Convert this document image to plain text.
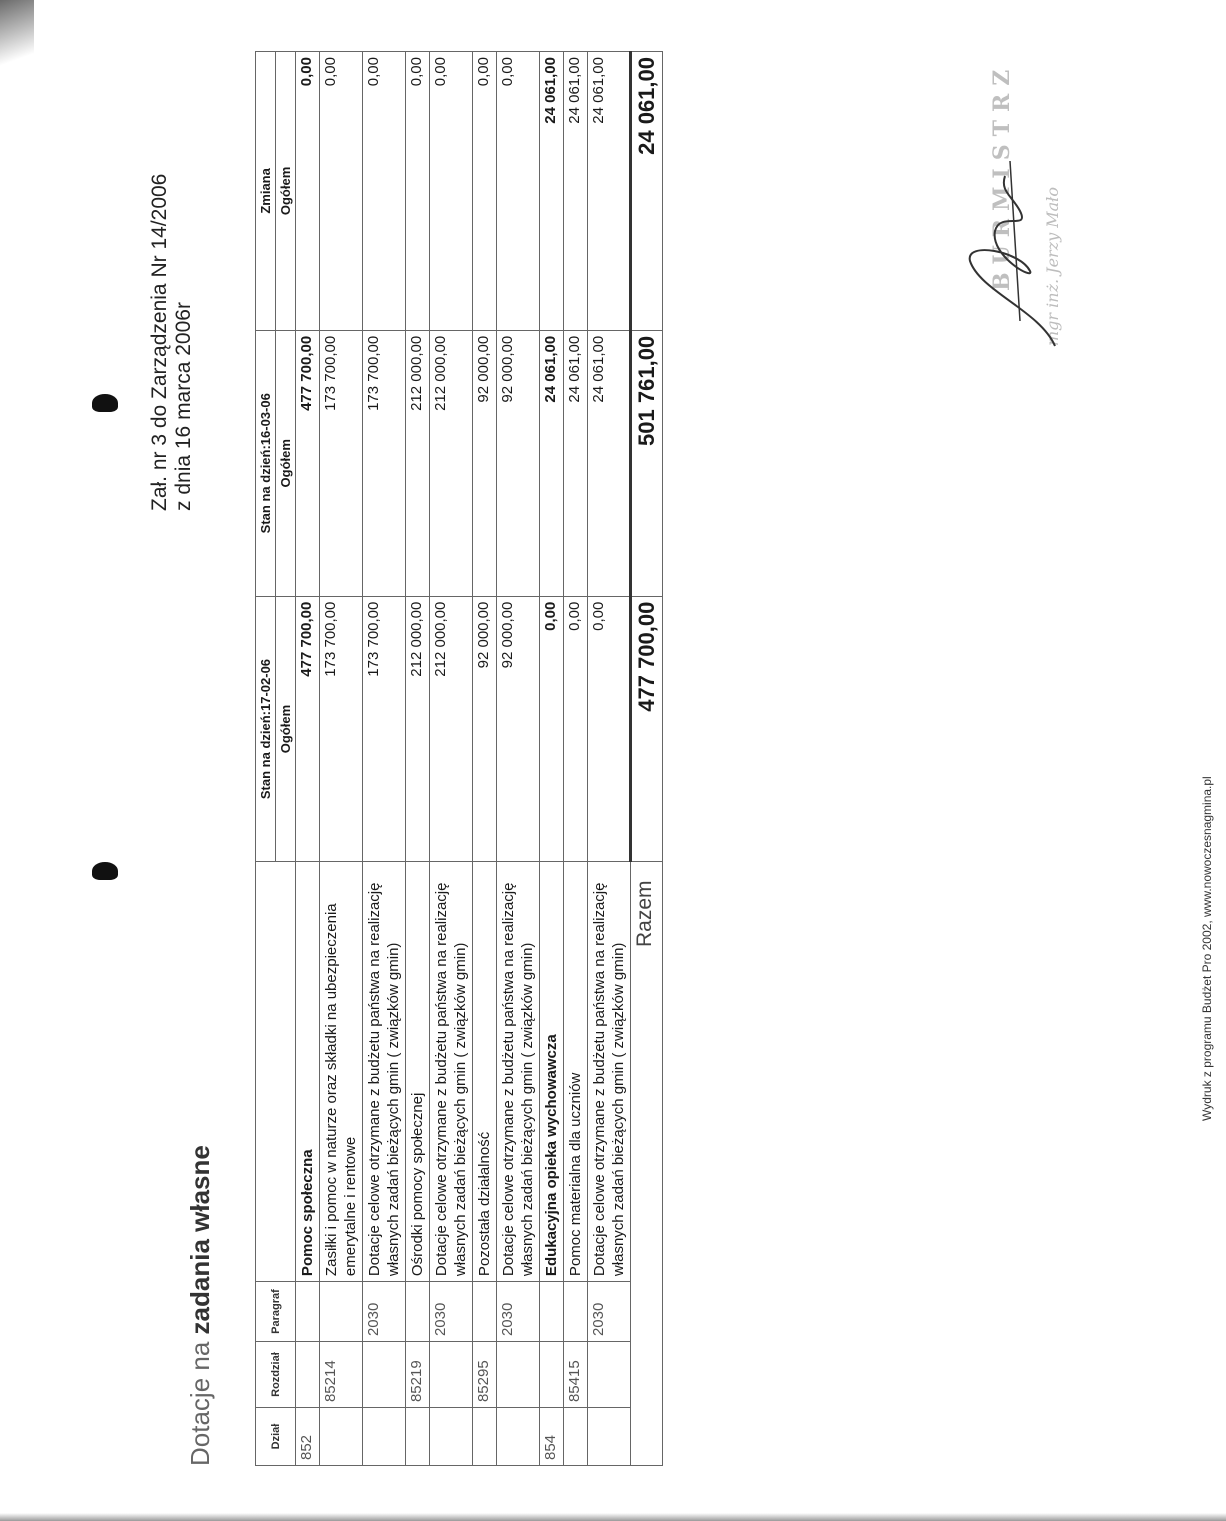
Dotacje na zadania własne
Zał. nr 3 do Zarządzenia Nr 14/2006 z dnia 16 marca 2006r
Dział	Rozdział	Paragraf		Stan na dzień:17-02-06	Stan na dzień:16-03-06	Zmiana
				Ogółem	Ogółem	Ogółem
852			Pomoc społeczna	477 700,00	477 700,00	0,00
	85214		Zasiłki i pomoc w naturze oraz składki na ubezpieczenia emerytalne i rentowe	173 700,00	173 700,00	0,00
		2030	Dotacje celowe otrzymane z budżetu państwa na realizację własnych zadań bieżących gmin ( związków gmin)	173 700,00	173 700,00	0,00
	85219		Ośrodki pomocy społecznej	212 000,00	212 000,00	0,00
		2030	Dotacje celowe otrzymane z budżetu państwa na realizację własnych zadań bieżących gmin ( związków gmin)	212 000,00	212 000,00	0,00
	85295		Pozostała działalność	92 000,00	92 000,00	0,00
		2030	Dotacje celowe otrzymane z budżetu państwa na realizację własnych zadań bieżących gmin ( związków gmin)	92 000,00	92 000,00	0,00
854			Edukacyjna opieka wychowawcza	0,00	24 061,00	24 061,00
	85415		Pomoc materialna dla uczniów	0,00	24 061,00	24 061,00
		2030	Dotacje celowe otrzymane z budżetu państwa na realizację własnych zadań bieżących gmin ( związków gmin)	0,00	24 061,00	24 061,00
Razem				477 700,00	501 761,00	24 061,00	BURMISTRZ mgr inż. Jerzy Mało
Wydruk z programu Budżet Pro 2002, www.nowoczesnagmina.pl
